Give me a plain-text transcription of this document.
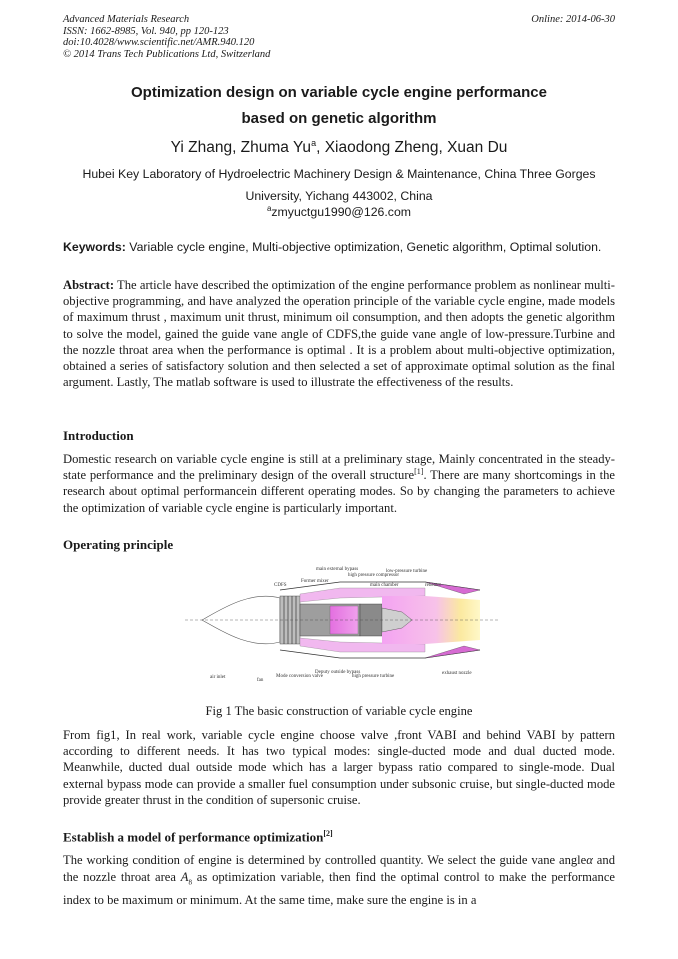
Advanced Materials Research
ISSN: 1662-8985, Vol. 940, pp 120-123
doi:10.4028/www.scientific.net/AMR.940.120
© 2014 Trans Tech Publications Ltd, Switzerland
Online: 2014-06-30
Optimization design on variable cycle engine performance
based on genetic algorithm
Yi Zhang, Zhuma Yu$^a$, Xiaodong Zheng, Xuan Du
Hubei Key Laboratory of Hydroelectric Machinery Design & Maintenance, China Three Gorges
University, Yichang 443002, China
$^a$zmyuctgu1990@126.com
Keywords: Variable cycle engine, Multi-objective optimization, Genetic algorithm, Optimal solution.
Abstract: The article have described the optimization of the engine performance problem as nonlinear multi-objective programming, and have analyzed the operation principle of the variable cycle engine, made models of maximum thrust , maximum unit thrust, minimum oil consumption, and then adopts the genetic algorithm to solve the model, gained the guide vane angle of CDFS,the guide vane angle of low-pressure.Turbine and the nozzle throat area when the performance is optimal . It is a problem about multi-objective optimization, obtained a series of satisfactory solution and then selected a set of approximate optimal solution as the final argument. Lastly, The matlab software is used to illustrate the effectiveness of the results.
Introduction
Domestic research on variable cycle engine is still at a preliminary stage, Mainly concentrated in the steady-state performance and the preliminary design of the overall structure[1]. There are many shortcomings in the research about optimal performancein different operating modes. So by changing the parameters to achieve the optimization of variable cycle engine is particularly important.
Operating principle
CDFS
Former mixer
main external bypass
high pressure compressor
main chamber
low-pressure turbine
reheater
air inlet
fan
Mode conversion valve
Deputy outside bypass
high pressure turbine
exhaust nozzle
Fig 1 The basic construction of variable cycle engine
From fig1, In real work, variable cycle engine choose valve ,front VABI and behind VABI by pattern according to different needs. It has two typical modes: single-ducted mode and dual ducted mode. Meanwhile, ducted dual outside mode which has a larger bypass ratio compared to single-mode. Dual external bypass mode can provide a smaller fuel consumption under subsonic cruise, but single-ducted mode provide greater thrust in the condition of supersonic cruise.
Establish a model of performance optimization[2]
The working condition of engine is determined by controlled quantity. We select the guide vane angleα and the nozzle throat area $A_8$ as optimization variable, then find the optimal control to make the performance index to be maximum or minimum. At the same time, make sure the engine is in a
